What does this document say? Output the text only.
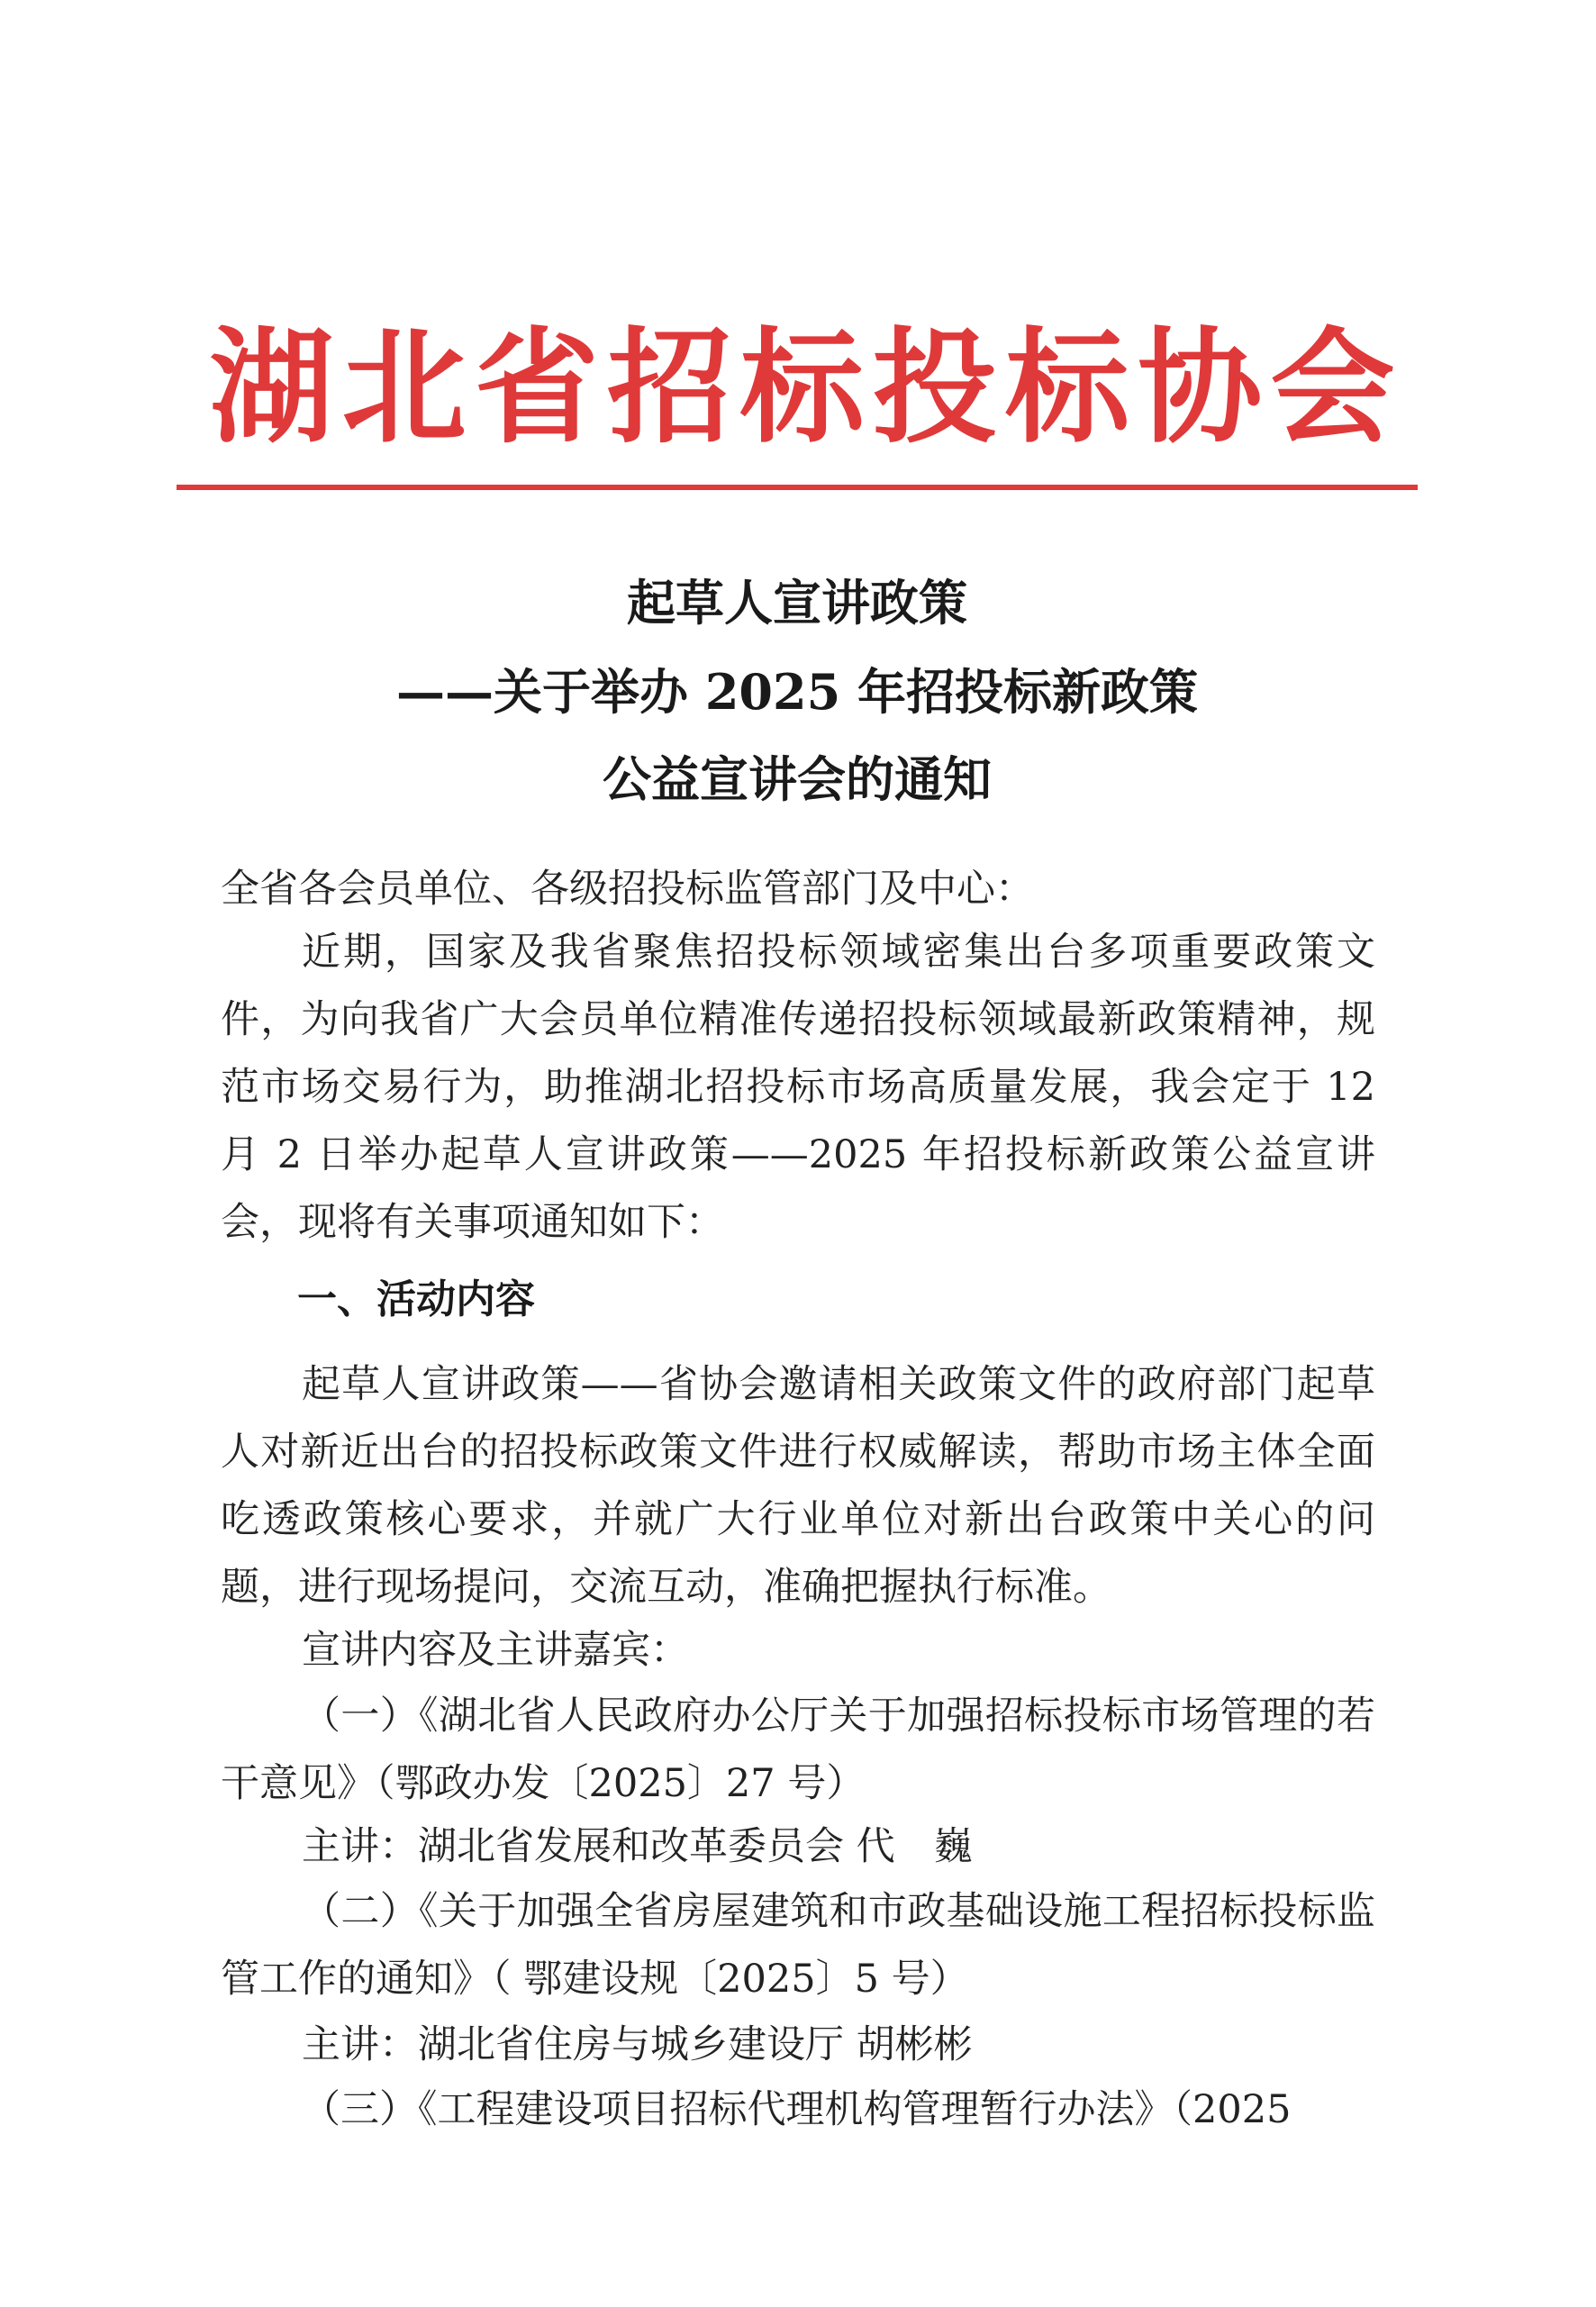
湖 北 省 招 标 投 标 协 会
起草人宣讲政策
——关于举办 2025 年招投标新政策
公益宣讲会的通知

全省各会员单位、各级招投标监管部门及中心：

近期，国家及我省聚焦招投标领域密集出台多项重要政策文件，为向我省广大会员单位精准传递招投标领域最新政策精神，规范市场交易行为，助推湖北招投标市场高质量发展，我会定于 12 月 2 日举办起草人宣讲政策——2025 年招投标新政策公益宣讲会，现将有关事项通知如下：

一、活动内容

起草人宣讲政策——省协会邀请相关政策文件的政府部门起草人对新近出台的招投标政策文件进行权威解读，帮助市场主体全面吃透政策核心要求，并就广大行业单位对新出台政策中关心的问题，进行现场提问，交流互动，准确把握执行标准。

宣讲内容及主讲嘉宾：

（一）《湖北省人民政府办公厅关于加强招标投标市场管理的若干意见》（鄂政办发〔2025〕27 号）

主讲：湖北省发展和改革委员会 代　巍

（二）《关于加强全省房屋建筑和市政基础设施工程招标投标监管工作的通知》（ 鄂建设规〔2025〕5 号）

主讲：湖北省住房与城乡建设厅 胡彬彬

（三）《工程建设项目招标代理机构管理暂行办法》（2025
